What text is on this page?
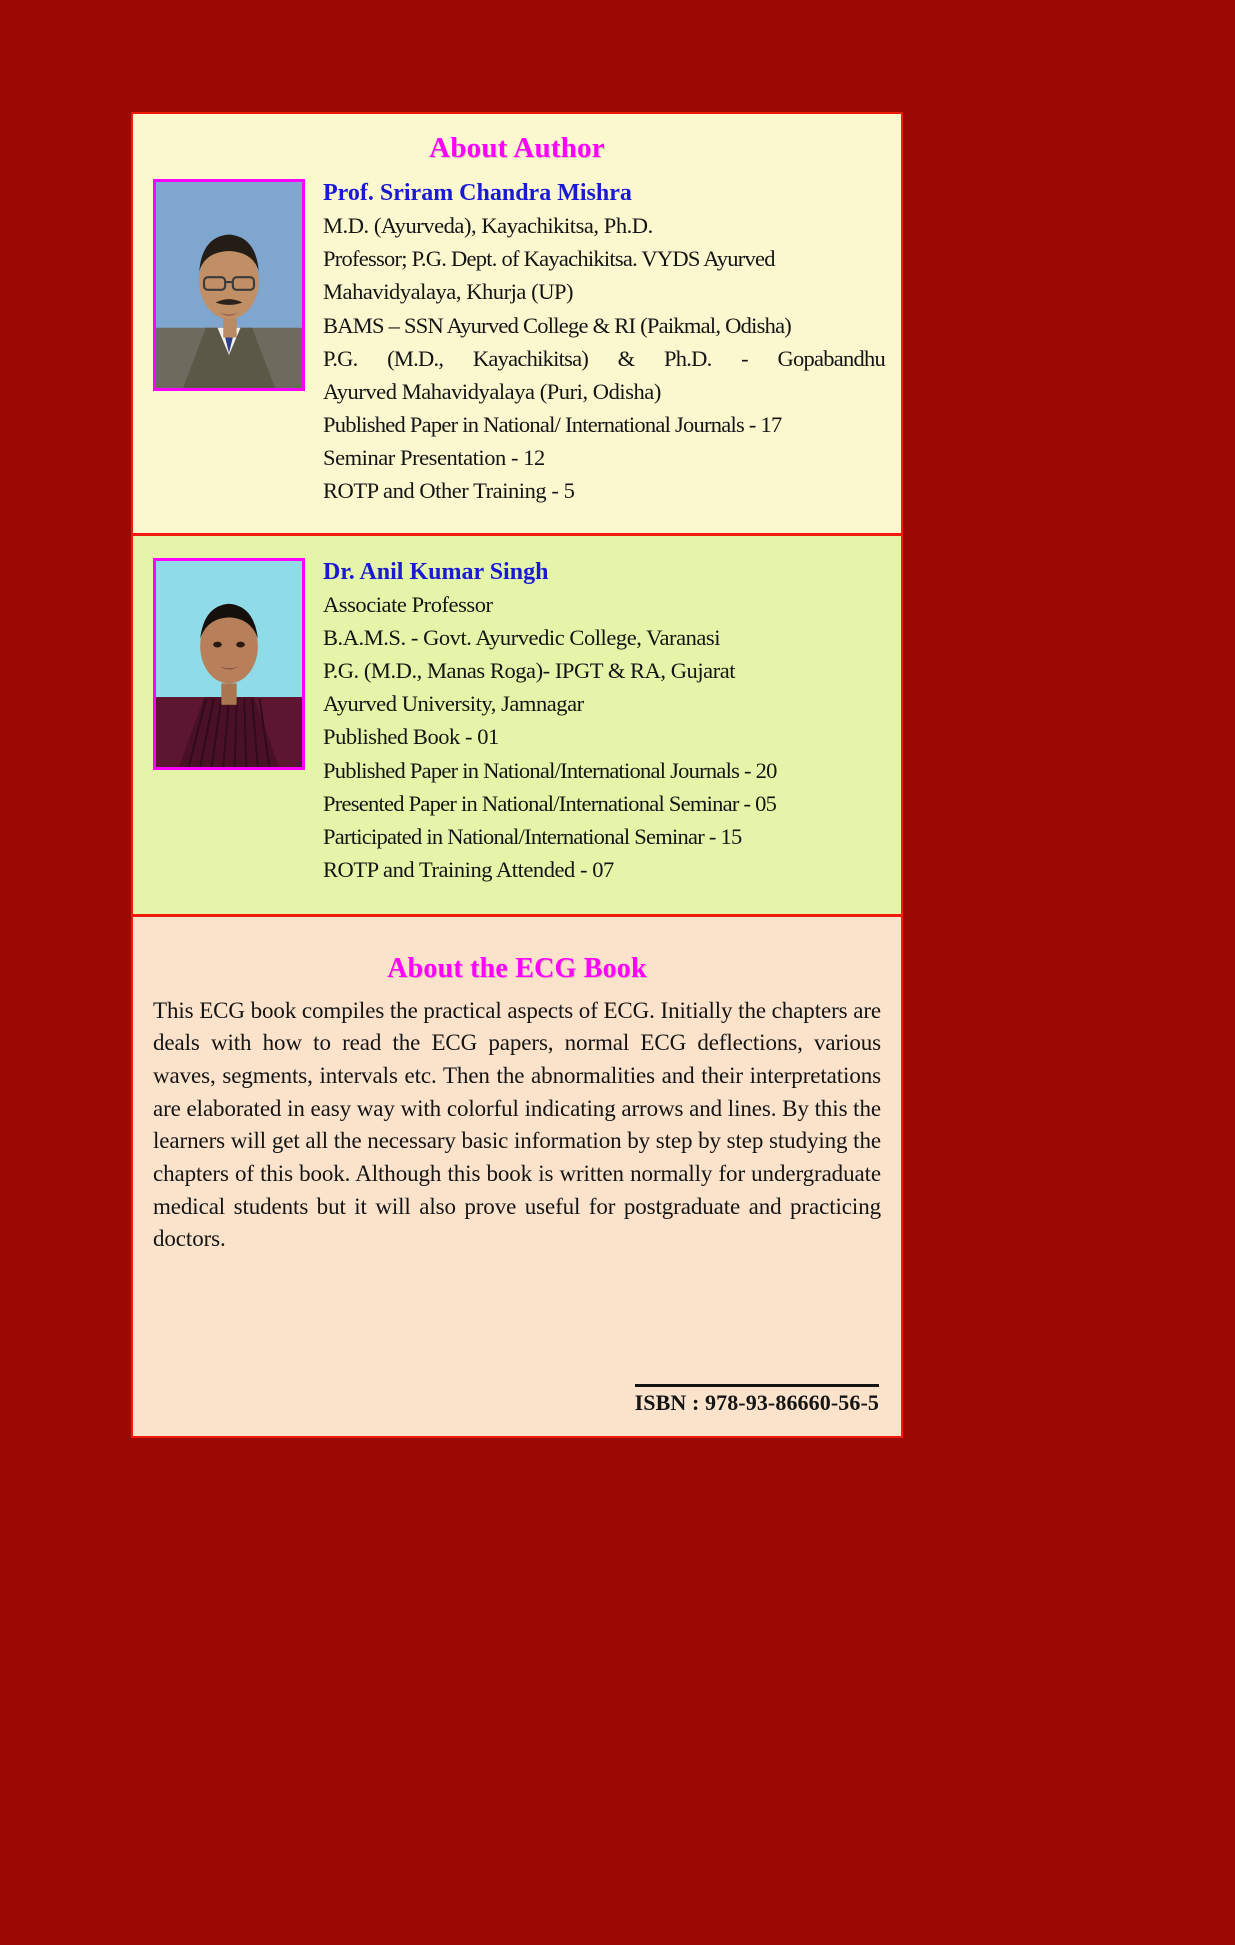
About Author
Prof. Sriram Chandra Mishra
M.D. (Ayurveda), Kayachikitsa, Ph.D.
Professor; P.G. Dept. of Kayachikitsa. VYDS Ayurved
Mahavidyalaya, Khurja (UP)
BAMS – SSN Ayurved College & RI (Paikmal, Odisha)
P.G. (M.D., Kayachikitsa) & Ph.D. - Gopabandhu
Ayurved Mahavidyalaya (Puri, Odisha)
Published Paper in National/ International Journals - 17
Seminar Presentation - 12
ROTP and Other Training - 5
Dr. Anil Kumar Singh
Associate Professor
B.A.M.S. - Govt. Ayurvedic College, Varanasi
P.G. (M.D., Manas Roga)- IPGT & RA, Gujarat
Ayurved University, Jamnagar
Published Book - 01
Published Paper in National/International Journals - 20
Presented Paper in National/International Seminar - 05
Participated in National/International Seminar - 15
ROTP and Training Attended - 07
About the ECG Book

This ECG book compiles the practical aspects of ECG. Initially the chapters are deals with how to read the ECG papers, normal ECG deflections, various waves, segments, intervals etc. Then the abnormalities and their interpretations are elaborated in easy way with colorful indicating arrows and lines. By this the learners will get all the necessary basic information by step by step studying the chapters of this book. Although this book is written normally for undergraduate medical students but it will also prove useful for postgraduate and practicing doctors.

ISBN : 978-93-86660-56-5
